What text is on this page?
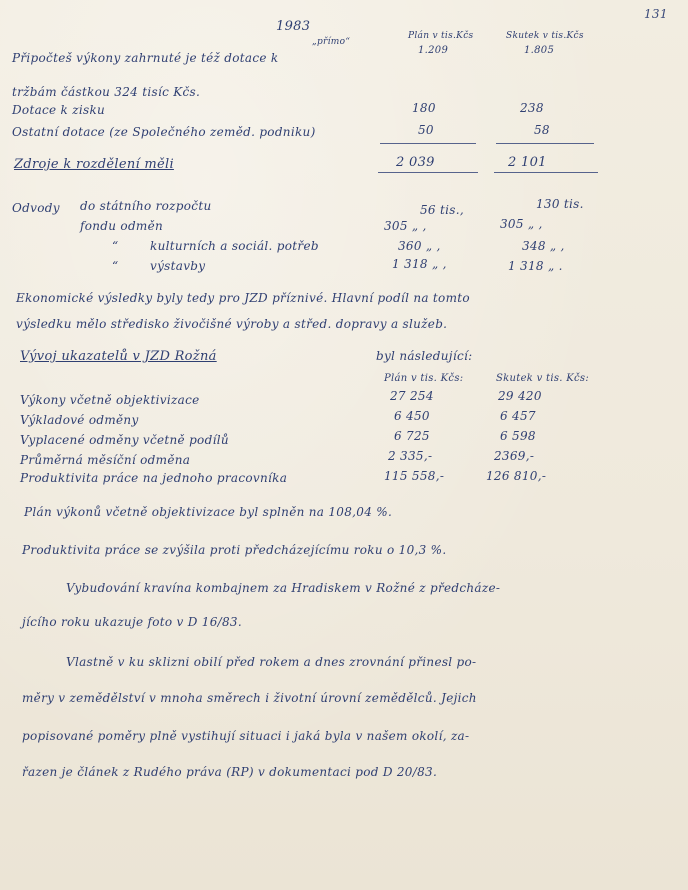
131
1983
Plán v tis.Kčs
1.209
Skutek v tis.Kčs
1.805
„přímo“
Připočteš výkony zahrnuté je též dotace k
tržbám částkou 324 tisíc Kčs.
Dotace k zisku	180	238
Ostatní dotace (ze Společného zeměd. podniku)	50	58
Zdroje k rozdělení měli	2 039	2 101
Odvody do státního rozpočtu	56 tis.,	130 tis.
fondu odměn	305 „ ,	305 „ ,
“	kulturních a sociál. potřeb	360 „ ,	348 „ ,
“	výstavby	1 318 „ ,	1 318 „ .
Ekonomické výsledky byly tedy pro JZD příznivé. Hlavní podíl na tomto
výsledku mělo středisko živočišné výroby a střed. dopravy a služeb.
Vývoj ukazatelů v JZD Rožná	byl následující:
Plán v tis. Kčs:	Skutek v tis. Kčs:
Výkony včetně objektivizace	27 254	29 420
Výkladové odměny	6 450	6 457
Vyplacené odměny včetně podílů	6 725	6 598
Průměrná měsíční odměna	2 335,-	2369,-
Produktivita práce na jednoho pracovníka	115 558,-	126 810,-
Plán výkonů včetně objektivizace byl splněn na 108,04 %.
Produktivita práce se zvýšila proti předcházejícímu roku o 10,3 %.
Vybudování kravína kombajnem za Hradiskem v Rožné z předcháze-
jícího roku ukazuje foto v D 16/83.
Vlastně v ku sklizni obilí před rokem a dnes zrovnání přinesl po-
měry v zemědělství v mnoha směrech i životní úrovní zemědělců. Jejich
popisované poměry plně vystihují situaci i jaká byla v našem okolí, za-
řazen je článek z Rudého práva (RP) v dokumentaci pod D 20/83.
